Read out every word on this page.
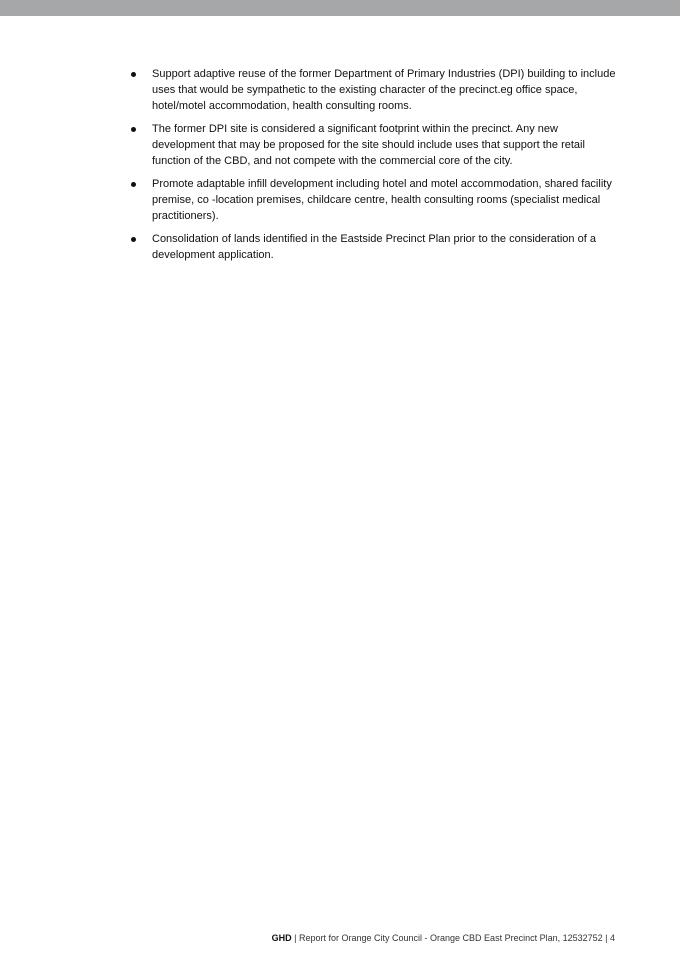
Support adaptive reuse of the former Department of Primary Industries (DPI) building to include uses that would be sympathetic to the existing character of the precinct.eg office space, hotel/motel accommodation, health consulting rooms.
The former DPI site is considered a significant footprint within the precinct. Any new development that may be proposed for the site should include uses that support the retail function of the CBD, and not compete with the commercial core of the city.
Promote adaptable infill development including hotel and motel accommodation, shared facility premise, co -location premises, childcare centre, health consulting rooms (specialist medical practitioners).
Consolidation of lands identified in the Eastside Precinct Plan prior to the consideration of a development application.
GHD | Report for Orange City Council - Orange CBD East Precinct Plan, 12532752 | 4
